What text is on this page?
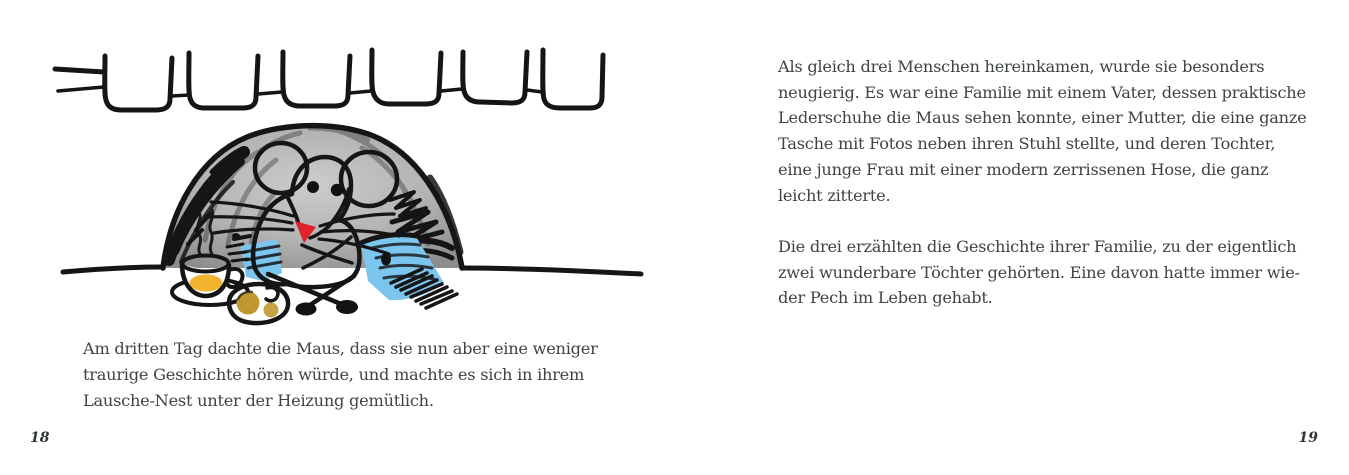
Am dritten Tag dachte die Maus, dass sie nun aber eine weniger
traurige Geschichte hören würde, und machte es sich in ihrem
Lausche-Nest unter der Heizung gemütlich.
Als gleich drei Menschen hereinkamen, wurde sie besonders
neugierig. Es war eine Familie mit einem Vater, dessen praktische
Lederschuhe die Maus sehen konnte, einer Mutter, die eine ganze
Tasche mit Fotos neben ihren Stuhl stellte, und deren Tochter,
eine junge Frau mit einer modern zerrissenen Hose, die ganz
leicht zitterte.
Die drei erzählten die Geschichte ihrer Familie, zu der eigentlich
zwei wunderbare Töchter gehörten. Eine davon hatte immer wie-
der Pech im Leben gehabt.
18	19
